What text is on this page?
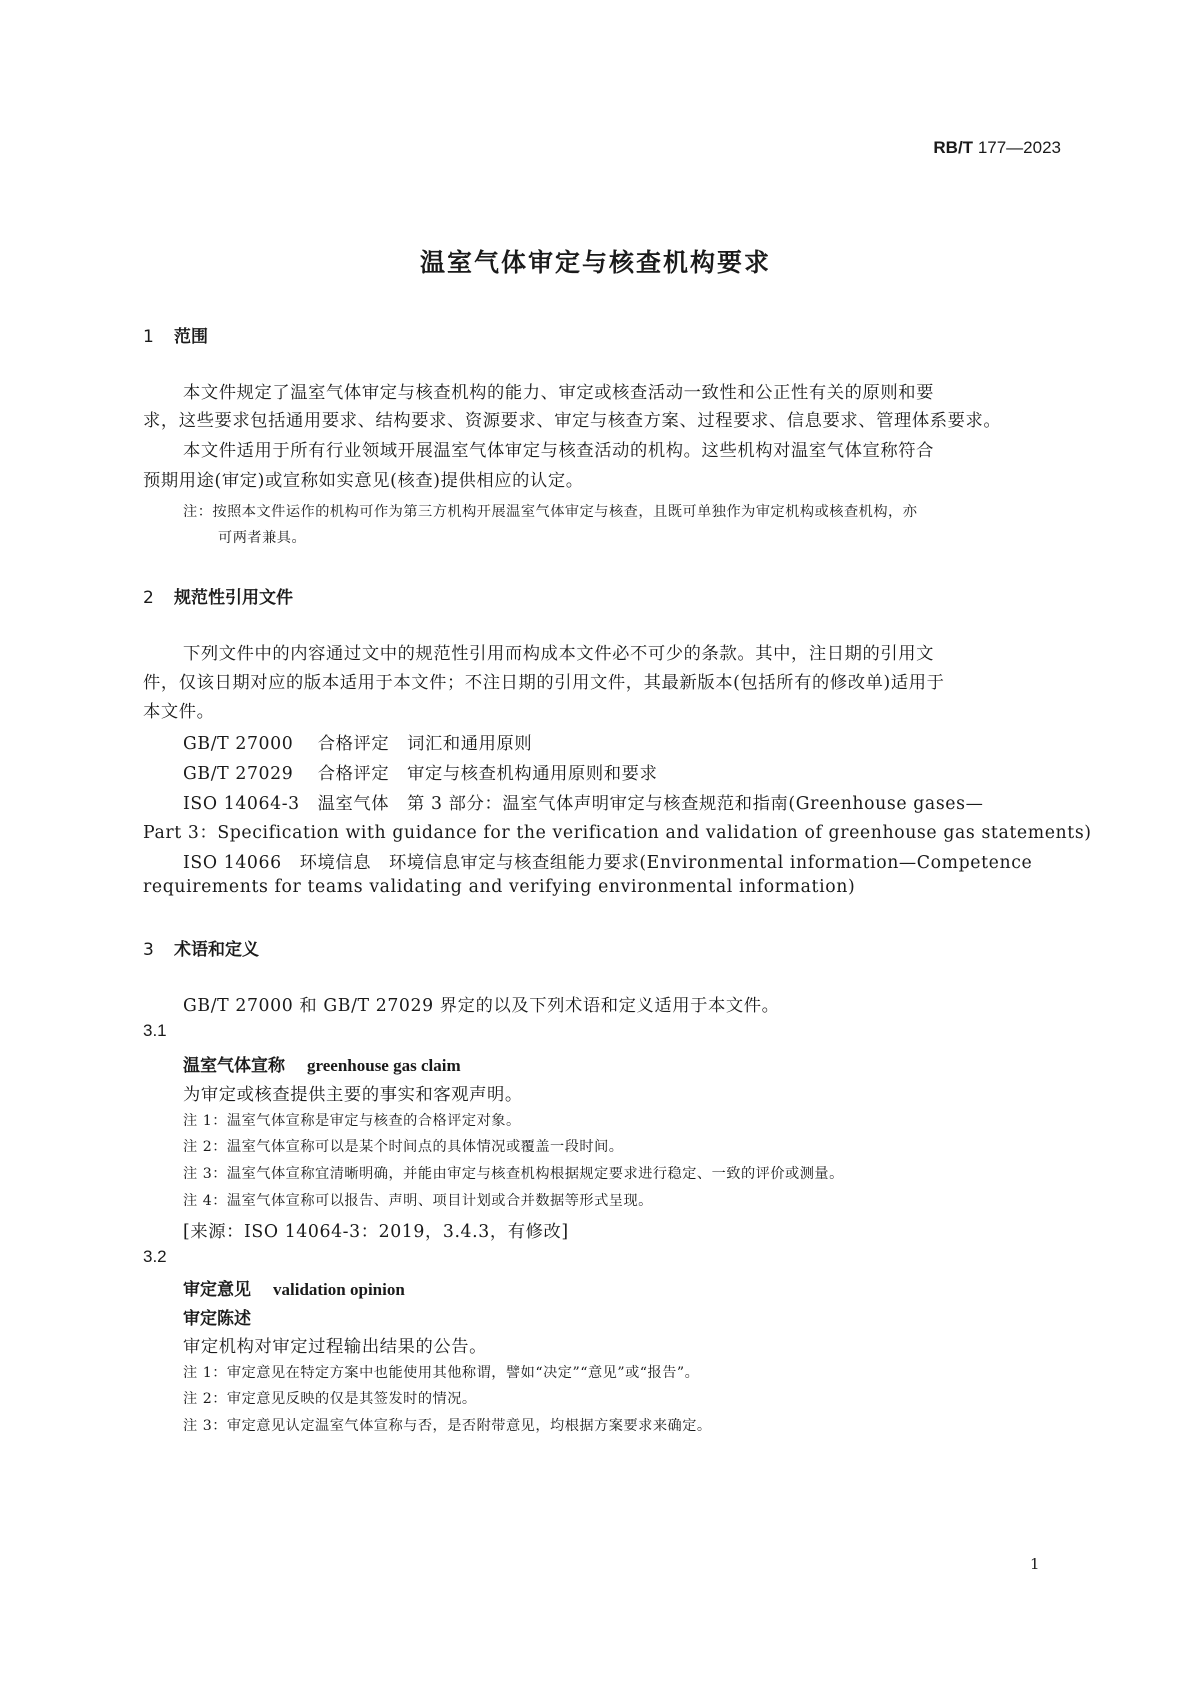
RB/T 177—2023
温室气体审定与核查机构要求
1 范围
本文件规定了温室气体审定与核查机构的能力、审定或核查活动一致性和公正性有关的原则和要
求，这些要求包括通用要求、结构要求、资源要求、审定与核查方案、过程要求、信息要求、管理体系要求。
本文件适用于所有行业领域开展温室气体审定与核查活动的机构。这些机构对温室气体宣称符合
预期用途(审定)或宣称如实意见(核查)提供相应的认定。
注：按照本文件运作的机构可作为第三方机构开展温室气体审定与核查，且既可单独作为审定机构或核查机构，亦
可两者兼具。
2 规范性引用文件
下列文件中的内容通过文中的规范性引用而构成本文件必不可少的条款。其中，注日期的引用文
件，仅该日期对应的版本适用于本文件；不注日期的引用文件，其最新版本(包括所有的修改单)适用于
本文件。
GB/T 27000 合格评定　词汇和通用原则
GB/T 27029 合格评定　审定与核查机构通用原则和要求
ISO 14064-3　温室气体　第 3 部分：温室气体声明审定与核查规范和指南(Greenhouse gases—
Part 3：Specification with guidance for the verification and validation of greenhouse gas statements)
ISO 14066　环境信息　环境信息审定与核查组能力要求(Environmental information—Competence
requirements for teams validating and verifying environmental information)
3 术语和定义
GB/T 27000 和 GB/T 27029 界定的以及下列术语和定义适用于本文件。
3.1
温室气体宣称 greenhouse gas claim
为审定或核查提供主要的事实和客观声明。
注 1：温室气体宣称是审定与核查的合格评定对象。
注 2：温室气体宣称可以是某个时间点的具体情况或覆盖一段时间。
注 3：温室气体宣称宜清晰明确，并能由审定与核查机构根据规定要求进行稳定、一致的评价或测量。
注 4：温室气体宣称可以报告、声明、项目计划或合并数据等形式呈现。
[来源：ISO 14064-3：2019，3.4.3，有修改]
3.2
审定意见 validation opinion
审定陈述
审定机构对审定过程输出结果的公告。
注 1：审定意见在特定方案中也能使用其他称谓，譬如“决定”“意见”或“报告”。
注 2：审定意见反映的仅是其签发时的情况。
注 3：审定意见认定温室气体宣称与否，是否附带意见，均根据方案要求来确定。
1
